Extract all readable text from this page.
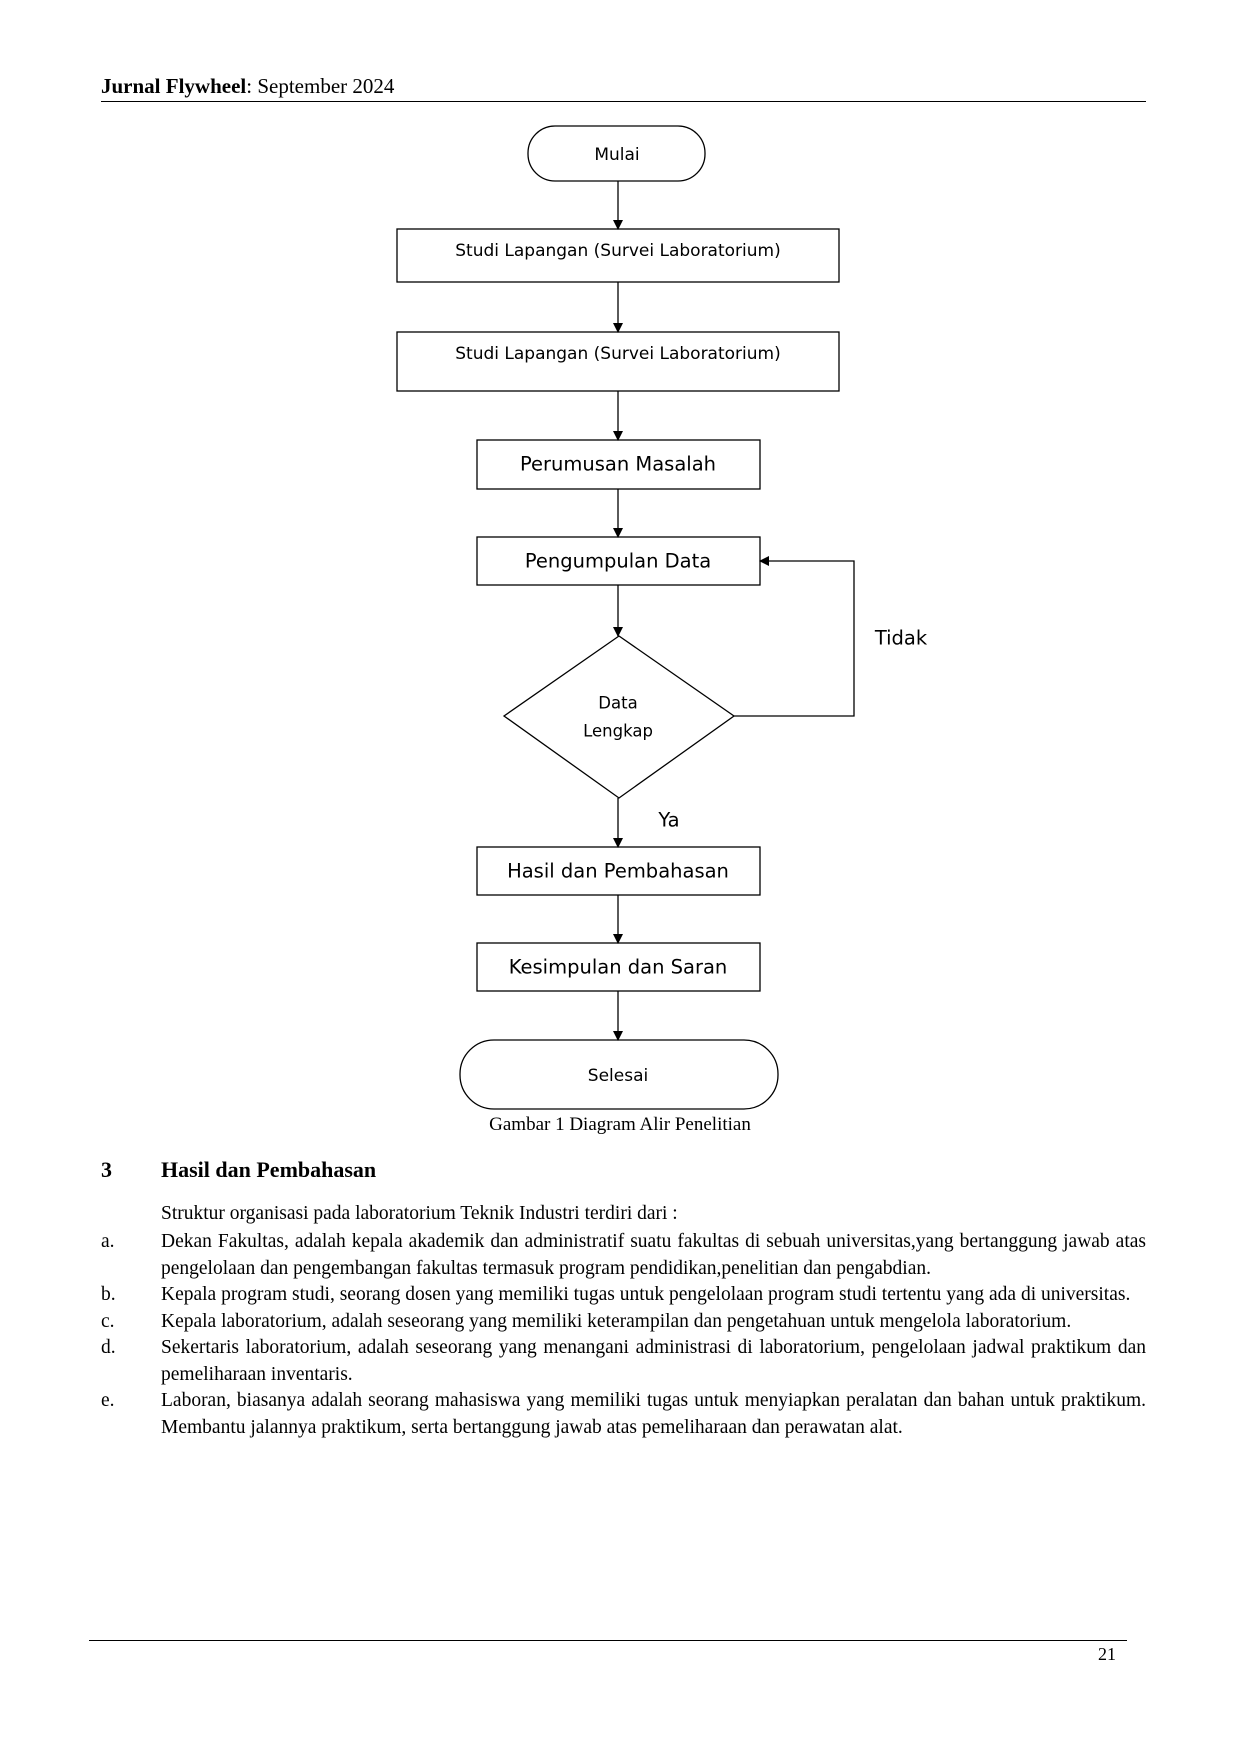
Jurnal Flywheel: September 2024
Mulai
Studi Lapangan (Survei Laboratorium)
Studi Lapangan (Survei Laboratorium)
Perumusan Masalah
Pengumpulan Data
Data
Lengkap
Tidak
Ya
Hasil dan Pembahasan
Kesimpulan dan Saran
Selesai
Gambar 1 Diagram Alir Penelitian
3 Hasil dan Pembahasan
Struktur organisasi pada laboratorium Teknik Industri terdiri dari :
a. Dekan Fakultas, adalah kepala akademik dan administratif suatu fakultas di sebuah universitas,yang bertanggung jawab atas pengelolaan dan pengembangan fakultas termasuk program pendidikan,penelitian dan pengabdian.
b. Kepala program studi, seorang dosen yang memiliki tugas untuk pengelolaan program studi tertentu yang ada di universitas.
c. Kepala laboratorium, adalah seseorang yang memiliki keterampilan dan pengetahuan untuk mengelola laboratorium.
d. Sekertaris laboratorium, adalah seseorang yang menangani administrasi di laboratorium, pengelolaan jadwal praktikum dan pemeliharaan inventaris.
e. Laboran, biasanya adalah seorang mahasiswa yang memiliki tugas untuk menyiapkan peralatan dan bahan untuk praktikum. Membantu jalannya praktikum, serta bertanggung jawab atas pemeliharaan dan perawatan alat.
21
